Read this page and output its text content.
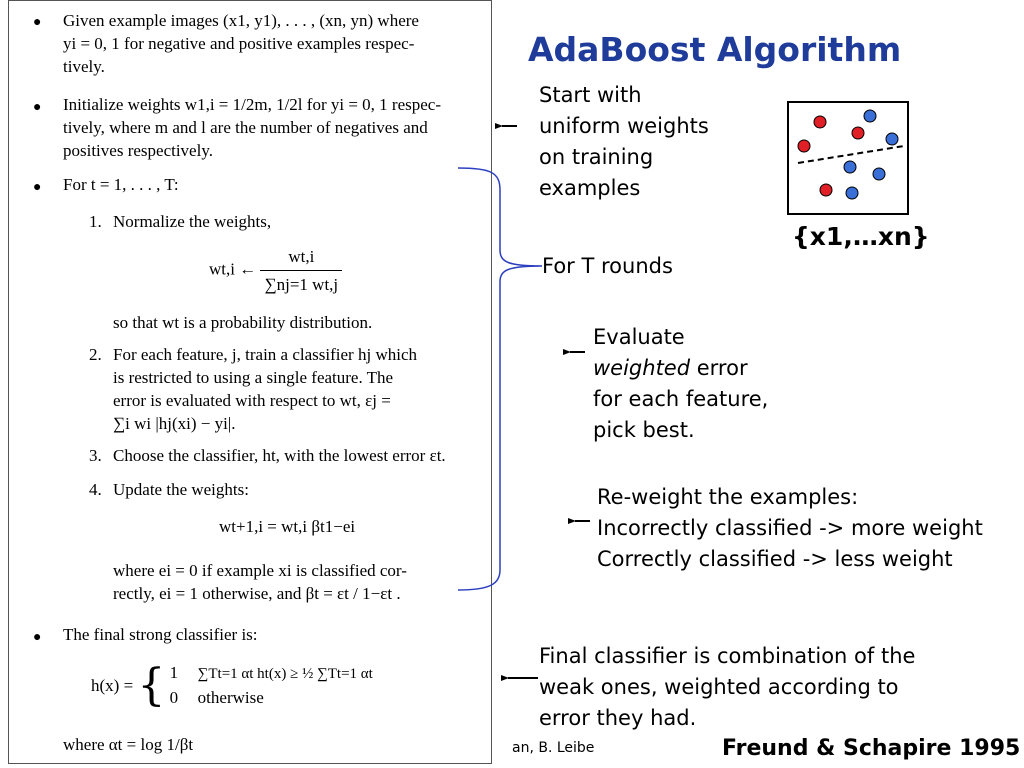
● Given example images (x1, y1), . . . , (xn, yn) where
yi = 0, 1 for negative and positive examples respec-
tively.
● Initialize weights w1,i = 1/2m, 1/2l for yi = 0, 1 respec-
tively, where m and l are the number of negatives and
positives respectively.
● For t = 1, . . . , T:
1. Normalize the weights,
wt,i ← $\frac{wt,i}{\sum nj=1 wt,j}$
so that wt is a probability distribution.
2. For each feature, j, train a classifier hj which
is restricted to using a single feature. The
error is evaluated with respect to wt, εj =
∑i wi |hj(xi) − yi|.
3. Choose the classifier, ht, with the lowest error εt.
4. Update the weights:
wt+1,i = wt,i βt1−ei
where ei = 0 if example xi is classified cor-
rectly, ei = 1 otherwise, and βt = εt / 1−εt .
● The final strong classifier is:
h(x) = { 1 ∑Tt=1 αt ht(x) ≥ ½ ∑Tt=1 αt
0 otherwise
where αt = log 1/βt
AdaBoost Algorithm
Start with
uniform weights
on training
examples
{x1,…xn}
For T rounds
Evaluate
weighted error
for each feature,
pick best.
Re-weight the examples:
Incorrectly classified -> more weight
Correctly classified -> less weight
Final classifier is combination of the
weak ones, weighted according to
error they had.
an, B. Leibe	Freund & Schapire 1995
